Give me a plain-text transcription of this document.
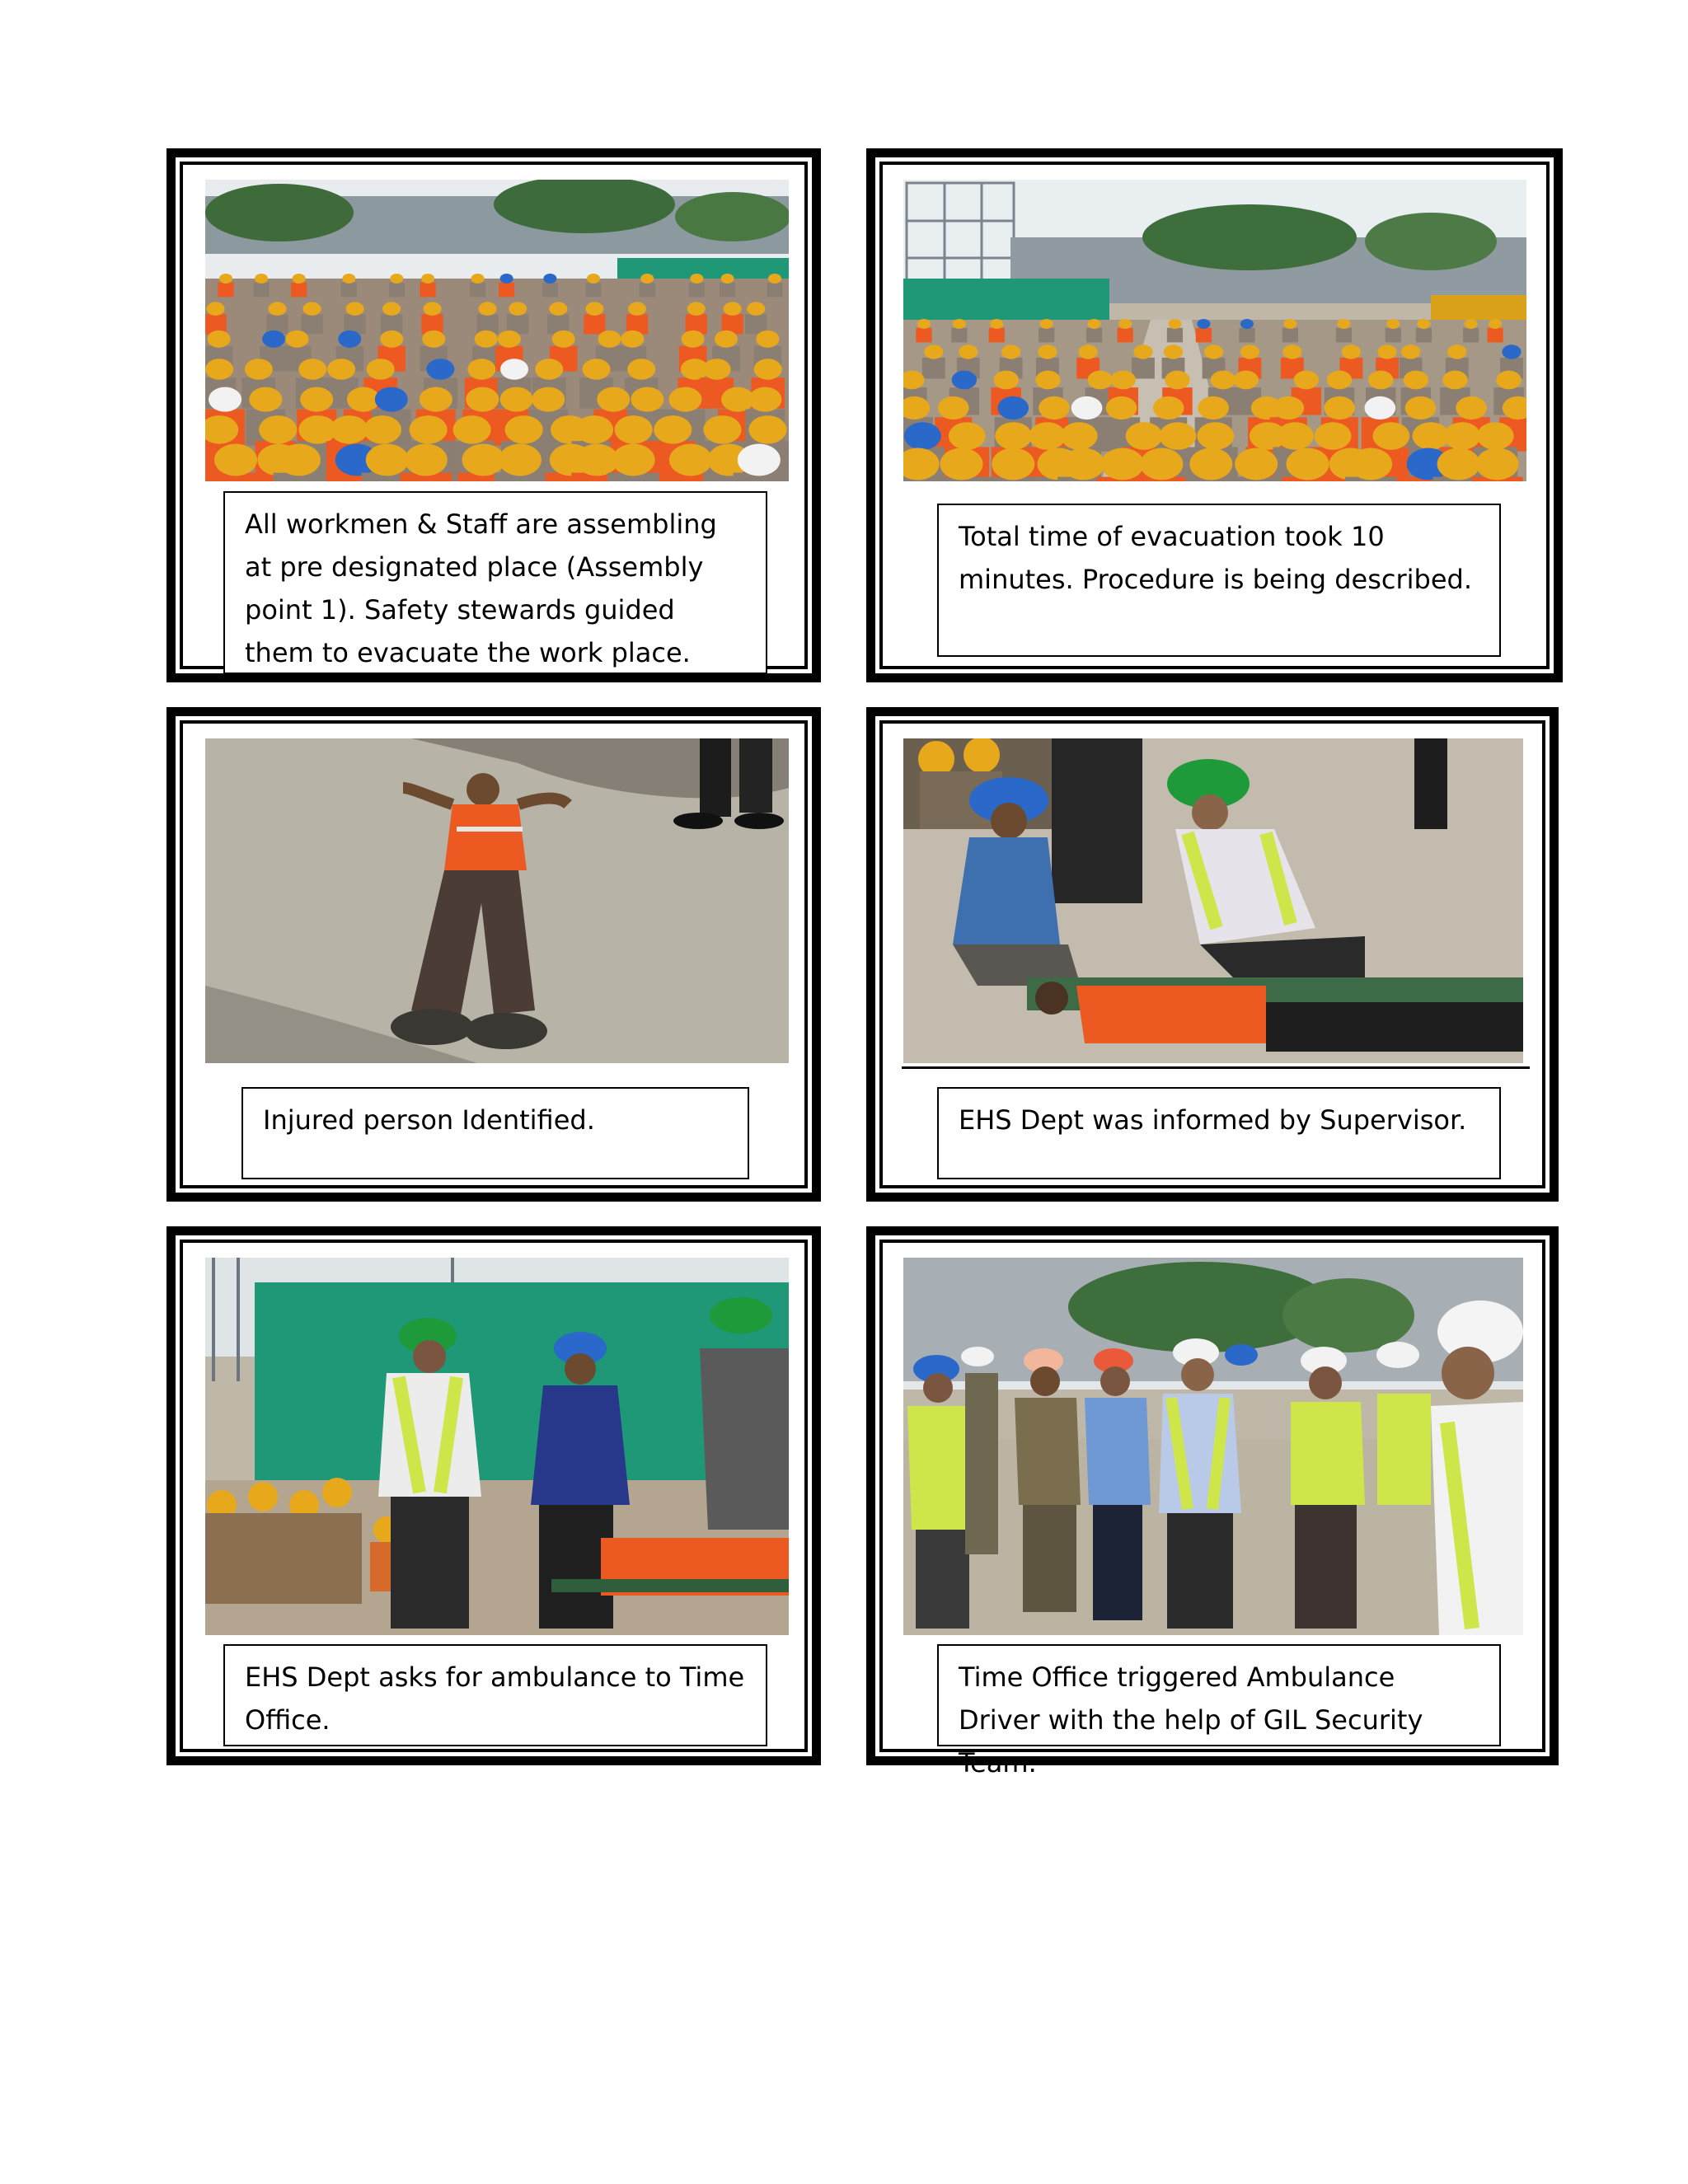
All workmen & Staff are assembling at pre designated place (Assembly point 1). Safety stewards guided them to evacuate the work place.
Total time of evacuation took 10 minutes. Procedure is being described.
Injured person Identified.	EHS Dept was informed by Supervisor.
EHS Dept asks for ambulance to Time Office.
Time Office triggered Ambulance Driver with the help of GIL Security Team.
